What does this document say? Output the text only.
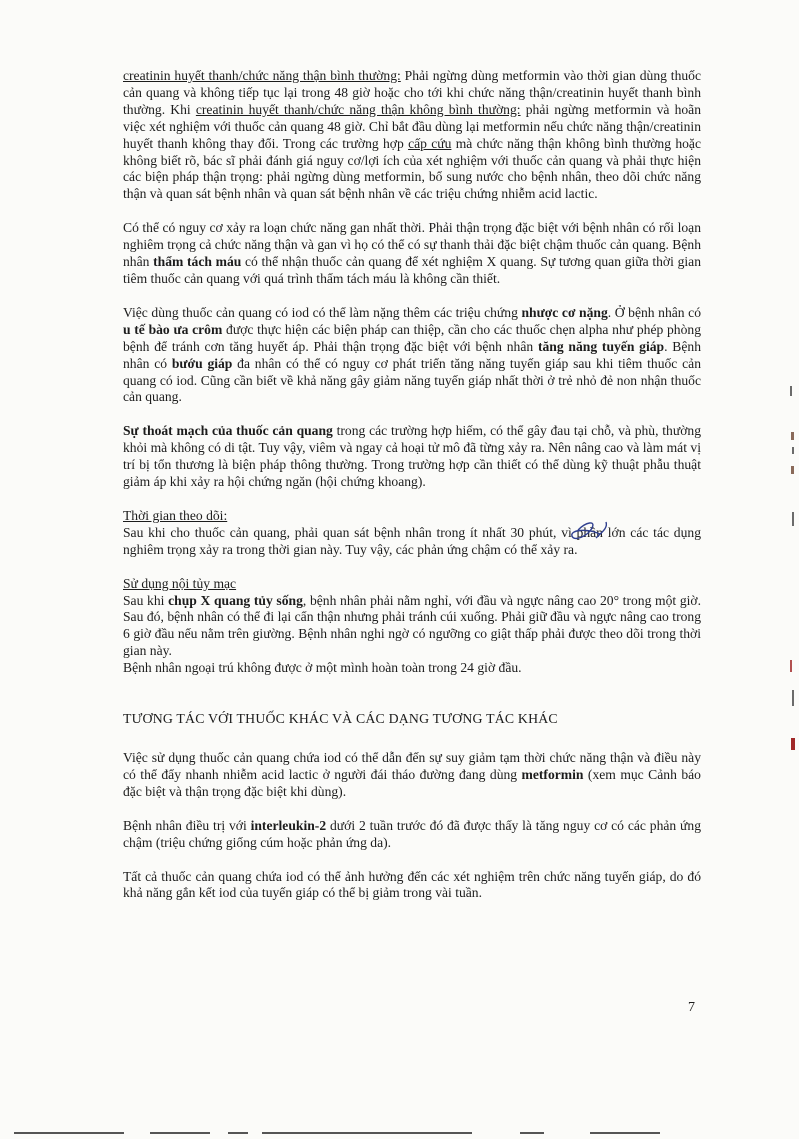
creatinin huyết thanh/chức năng thận bình thường: Phải ngừng dùng metformin vào thời gian dùng thuốc cản quang và không tiếp tục lại trong 48 giờ hoặc cho tới khi chức năng thận/creatinin huyết thanh bình thường. Khi creatinin huyết thanh/chức năng thận không bình thường: phải ngừng metformin và hoãn việc xét nghiệm với thuốc cản quang 48 giờ. Chỉ bắt đầu dùng lại metformin nếu chức năng thận/creatinin huyết thanh không thay đổi. Trong các trường hợp cấp cứu mà chức năng thận không bình thường hoặc không biết rõ, bác sĩ phải đánh giá nguy cơ/lợi ích của xét nghiệm với thuốc cản quang và phải thực hiện các biện pháp thận trọng: phải ngừng dùng metformin, bổ sung nước cho bệnh nhân, theo dõi chức năng thận và quan sát bệnh nhân và quan sát bệnh nhân về các triệu chứng nhiễm acid lactic.

Có thể có nguy cơ xảy ra loạn chức năng gan nhất thời. Phải thận trọng đặc biệt với bệnh nhân có rối loạn nghiêm trọng cả chức năng thận và gan vì họ có thể có sự thanh thải đặc biệt chậm thuốc cản quang. Bệnh nhân thẩm tách máu có thể nhận thuốc cản quang để xét nghiệm X quang. Sự tương quan giữa thời gian tiêm thuốc cản quang với quá trình thẩm tách máu là không cần thiết.

Việc dùng thuốc cản quang có iod có thể làm nặng thêm các triệu chứng nhược cơ nặng. Ở bệnh nhân có u tế bào ưa crôm được thực hiện các biện pháp can thiệp, cần cho các thuốc chẹn alpha như phép phòng bệnh để tránh cơn tăng huyết áp. Phải thận trọng đặc biệt với bệnh nhân tăng năng tuyến giáp. Bệnh nhân có bướu giáp đa nhân có thể có nguy cơ phát triển tăng năng tuyến giáp sau khi tiêm thuốc cản quang có iod. Cũng cần biết về khả năng gây giảm năng tuyến giáp nhất thời ở trẻ nhỏ đẻ non nhận thuốc cản quang.

Sự thoát mạch của thuốc cản quang trong các trường hợp hiếm, có thể gây đau tại chỗ, và phù, thường khỏi mà không có di tật. Tuy vậy, viêm và ngay cả hoại tử mô đã từng xảy ra. Nên nâng cao và làm mát vị trí bị tổn thương là biện pháp thông thường. Trong trường hợp cần thiết có thể dùng kỹ thuật phẫu thuật giảm áp khi xảy ra hội chứng ngăn (hội chứng khoang).

Thời gian theo dõi:

Sau khi cho thuốc cản quang, phải quan sát bệnh nhân trong ít nhất 30 phút, vì phần lớn các tác dụng nghiêm trọng xảy ra trong thời gian này. Tuy vậy, các phản ứng chậm có thể xảy ra.

Sử dụng nội tủy mạc

Sau khi chụp X quang tủy sống, bệnh nhân phải nằm nghỉ, với đầu và ngực nâng cao 20° trong một giờ. Sau đó, bệnh nhân có thể đi lại cẩn thận nhưng phải tránh cúi xuống. Phải giữ đầu và ngực nâng cao trong 6 giờ đầu nếu nằm trên giường. Bệnh nhân nghi ngờ có ngưỡng co giật thấp phải được theo dõi trong thời gian này.

Bệnh nhân ngoại trú không được ở một mình hoàn toàn trong 24 giờ đầu.

TƯƠNG TÁC VỚI THUỐC KHÁC VÀ CÁC DẠNG TƯƠNG TÁC KHÁC

Việc sử dụng thuốc cản quang chứa iod có thể dẫn đến sự suy giảm tạm thời chức năng thận và điều này có thể đẩy nhanh nhiễm acid lactic ở người đái tháo đường đang dùng metformin (xem mục Cảnh báo đặc biệt và thận trọng đặc biệt khi dùng).

Bệnh nhân điều trị với interleukin-2 dưới 2 tuần trước đó đã được thấy là tăng nguy cơ có các phản ứng chậm (triệu chứng giống cúm hoặc phản ứng da).

Tất cả thuốc cản quang chứa iod có thể ảnh hưởng đến các xét nghiệm trên chức năng tuyến giáp, do đó khả năng gắn kết iod của tuyến giáp có thể bị giảm trong vài tuần.

7
